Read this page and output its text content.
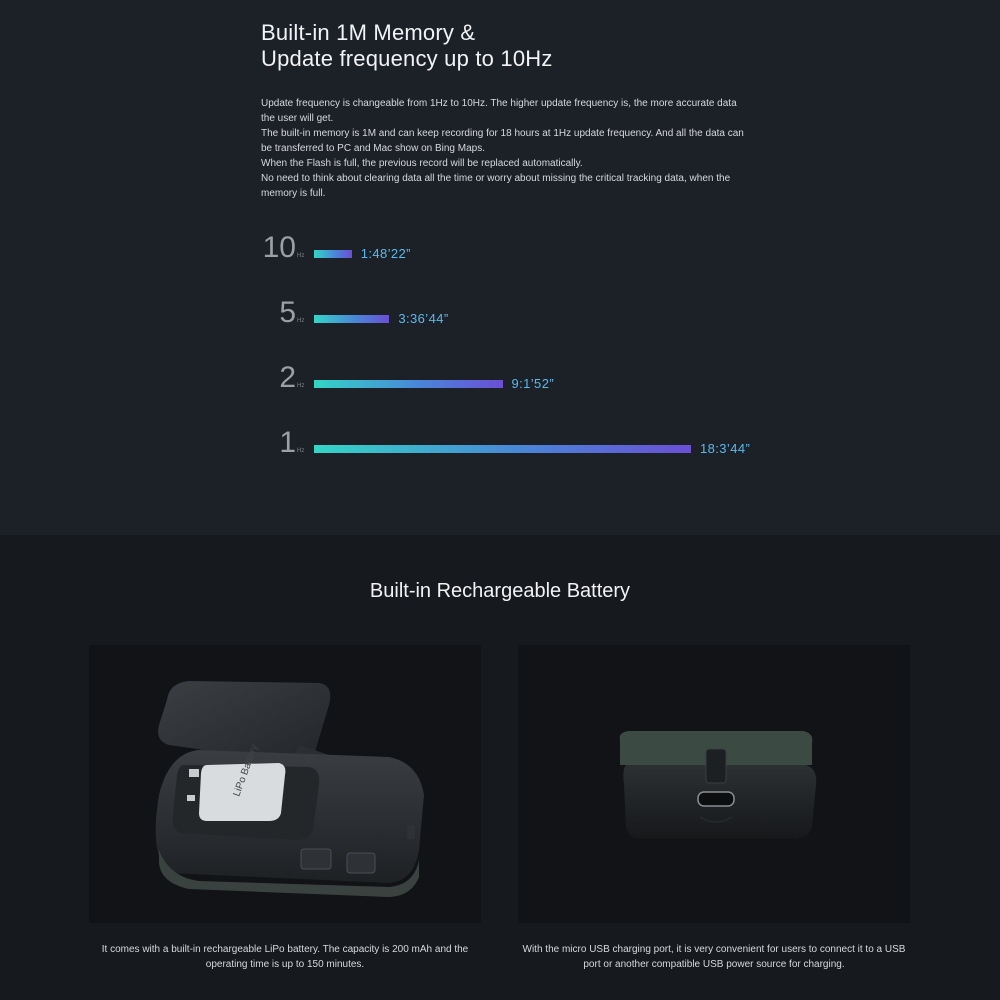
Built-in 1M Memory &
Update frequency up to 10Hz
Update frequency is changeable from 1Hz to 10Hz. The higher update frequency is, the more accurate data the user will get.
The built-in memory is 1M and can keep recording for 18 hours at 1Hz update frequency. And all the data can be transferred to PC and Mac show on Bing Maps.
When the Flash is full, the previous record will be replaced automatically.
No need to think about clearing data all the time or worry about missing the critical tracking data, when the memory is full.
10 Hz	1:48’22”
5 Hz	3:36’44”
2 Hz	9:1’52”
1 Hz	18:3’44”
Built-in Rechargeable Battery
LiPo Battery
It comes with a built-in rechargeable LiPo battery. The capacity is 200 mAh and the operating time is up to 150 minutes.
With the micro USB charging port, it is very convenient for users to connect it to a USB port or another compatible USB power source for charging.
